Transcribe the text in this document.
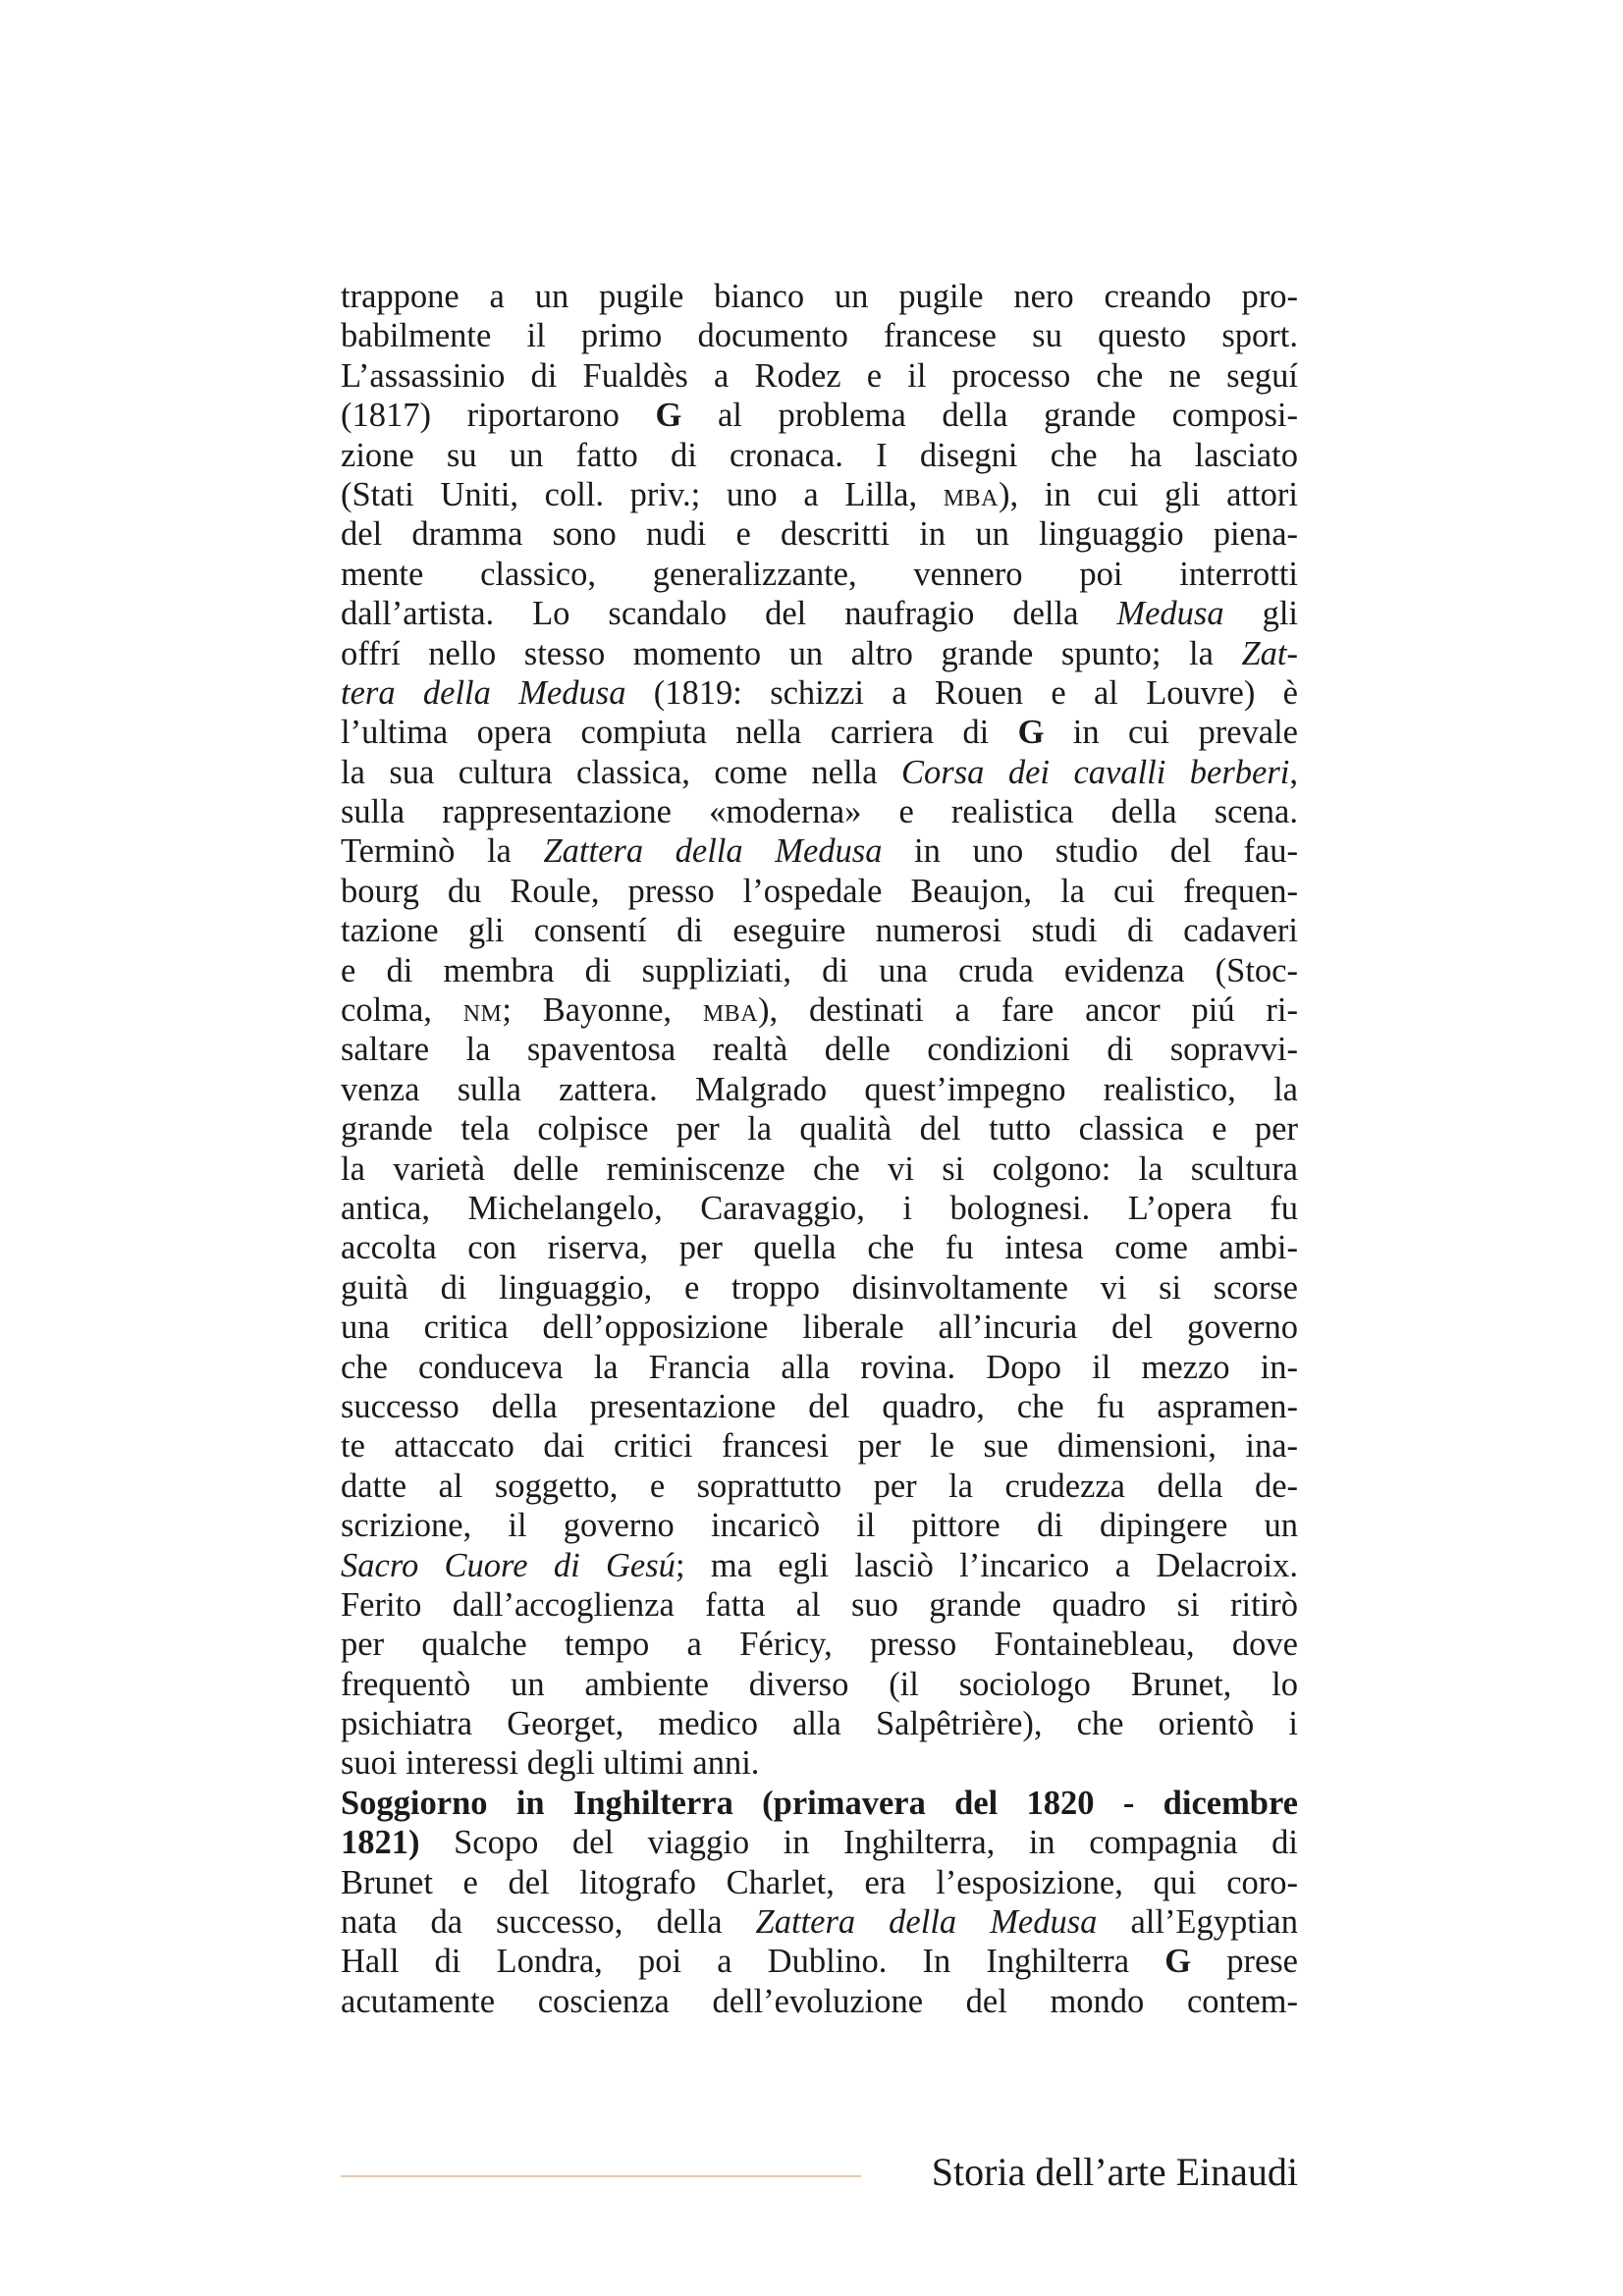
trappone a un pugile bianco un pugile nero creando pro-
babilmente il primo documento francese su questo sport.
L’assassinio di Fualdès a Rodez e il processo che ne seguí
(1817) riportarono G al problema della grande composi-
zione su un fatto di cronaca. I disegni che ha lasciato
(Stati Uniti, coll. priv.; uno a Lilla, mba), in cui gli attori
del dramma sono nudi e descritti in un linguaggio piena-
mente classico, generalizzante, vennero poi interrotti
dall’artista. Lo scandalo del naufragio della Medusa gli
offrí nello stesso momento un altro grande spunto; la Zat-
tera della Medusa (1819: schizzi a Rouen e al Louvre) è
l’ultima opera compiuta nella carriera di G in cui prevale
la sua cultura classica, come nella Corsa dei cavalli berberi,
sulla rappresentazione «moderna» e realistica della scena.
Terminò la Zattera della Medusa in uno studio del fau-
bourg du Roule, presso l’ospedale Beaujon, la cui frequen-
tazione gli consentí di eseguire numerosi studi di cadaveri
e di membra di suppliziati, di una cruda evidenza (Stoc-
colma, nm; Bayonne, mba), destinati a fare ancor piú ri-
saltare la spaventosa realtà delle condizioni di sopravvi-
venza sulla zattera. Malgrado quest’impegno realistico, la
grande tela colpisce per la qualità del tutto classica e per
la varietà delle reminiscenze che vi si colgono: la scultura
antica, Michelangelo, Caravaggio, i bolognesi. L’opera fu
accolta con riserva, per quella che fu intesa come ambi-
guità di linguaggio, e troppo disinvoltamente vi si scorse
una critica dell’opposizione liberale all’incuria del governo
che conduceva la Francia alla rovina. Dopo il mezzo in-
successo della presentazione del quadro, che fu aspramen-
te attaccato dai critici francesi per le sue dimensioni, ina-
datte al soggetto, e soprattutto per la crudezza della de-
scrizione, il governo incaricò il pittore di dipingere un
Sacro Cuore di Gesú; ma egli lasciò l’incarico a Delacroix.
Ferito dall’accoglienza fatta al suo grande quadro si ritirò
per qualche tempo a Féricy, presso Fontainebleau, dove
frequentò un ambiente diverso (il sociologo Brunet, lo
psichiatra Georget, medico alla Salpêtrière), che orientò i
suoi interessi degli ultimi anni.
Soggiorno in Inghilterra (primavera del 1820 - dicembre
1821) Scopo del viaggio in Inghilterra, in compagnia di
Brunet e del litografo Charlet, era l’esposizione, qui coro-
nata da successo, della Zattera della Medusa all’Egyptian
Hall di Londra, poi a Dublino. In Inghilterra G prese
acutamente coscienza dell’evoluzione del mondo contem-
Storia dell’arte Einaudi
